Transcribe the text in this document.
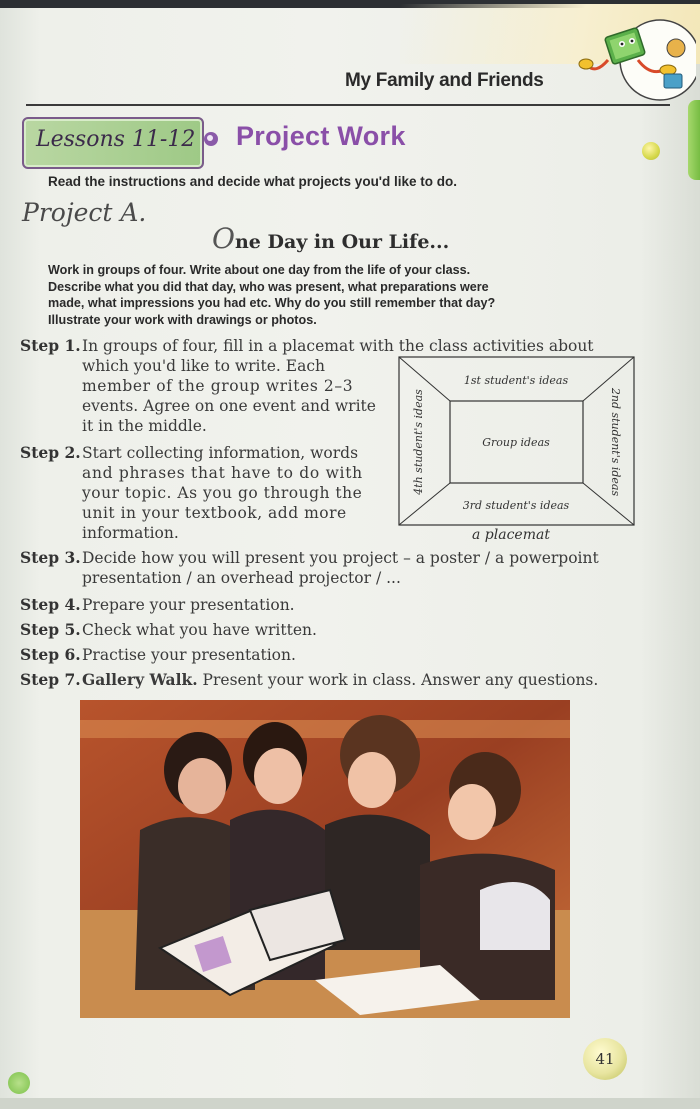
My Family and Friends
Lessons 11-12 Project Work
Read the instructions and decide what projects you'd like to do.
Project A.
One Day in Our Life...
Work in groups of four. Write about one day from the life of your class.
Describe what you did that day, who was present, what preparations were
made, what impressions you had etc. Why do you still remember that day?
Illustrate your work with drawings or photos.
Step 1. In groups of four, fill in a placemat with the class activities about
which you'd like to write. Each
member of the group writes 2–3
events. Agree on one event and write
it in the middle.
Step 2. Start collecting information, words
and phrases that have to do with
your topic. As you go through the
unit in your textbook, add more
information.
1st student's ideas
Group ideas
3rd student's ideas
4th student's ideas	2nd student's ideas
a placemat
Step 3. Decide how you will present you project – a poster / a powerpoint
presentation / an overhead projector / ...
Step 4. Prepare your presentation.
Step 5. Check what you have written.
Step 6. Practise your presentation.
Step 7. Gallery Walk. Present your work in class. Answer any questions.
41
